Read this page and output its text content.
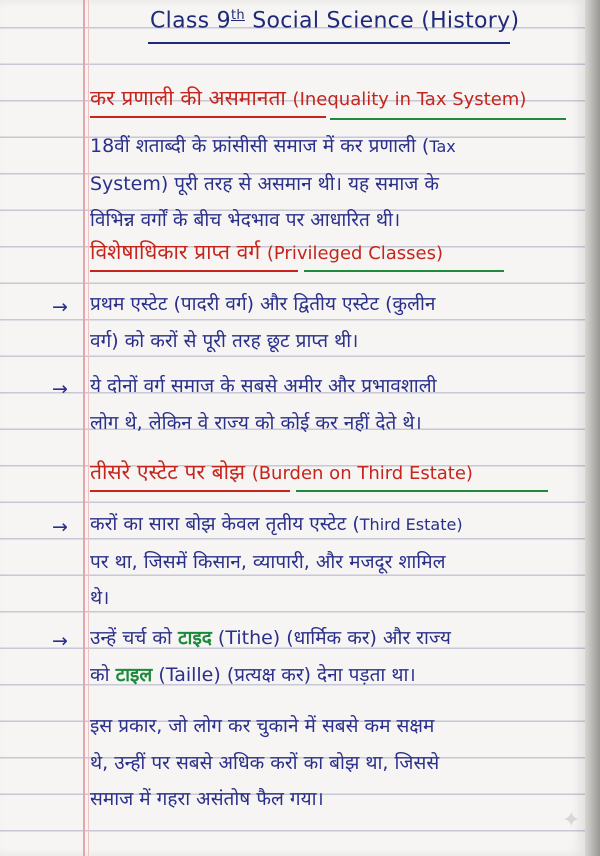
Class 9th Social Science (History)
कर प्रणाली की असमानता (Inequality in Tax System)
18वीं शताब्दी के फ्रांसीसी समाज में कर प्रणाली (Tax
System) पूरी तरह से असमान थी। यह समाज के
विभिन्न वर्गों के बीच भेदभाव पर आधारित थी।
विशेषाधिकार प्राप्त वर्ग (Privileged Classes)
→ प्रथम एस्टेट (पादरी वर्ग) और द्वितीय एस्टेट (कुलीन
वर्ग) को करों से पूरी तरह छूट प्राप्त थी।
→ ये दोनों वर्ग समाज के सबसे अमीर और प्रभावशाली
लोग थे, लेकिन वे राज्य को कोई कर नहीं देते थे।
तीसरे एस्टेट पर बोझ (Burden on Third Estate)
→ करों का सारा बोझ केवल तृतीय एस्टेट (Third Estate)
पर था, जिसमें किसान, व्यापारी, और मजदूर शामिल
थे।
→ उन्हें चर्च को टाइद (Tithe) (धार्मिक कर) और राज्य
को टाइल (Taille) (प्रत्यक्ष कर) देना पड़ता था।
इस प्रकार, जो लोग कर चुकाने में सबसे कम सक्षम
थे, उन्हीं पर सबसे अधिक करों का बोझ था, जिससे
समाज में गहरा असंतोष फैल गया।
✦
